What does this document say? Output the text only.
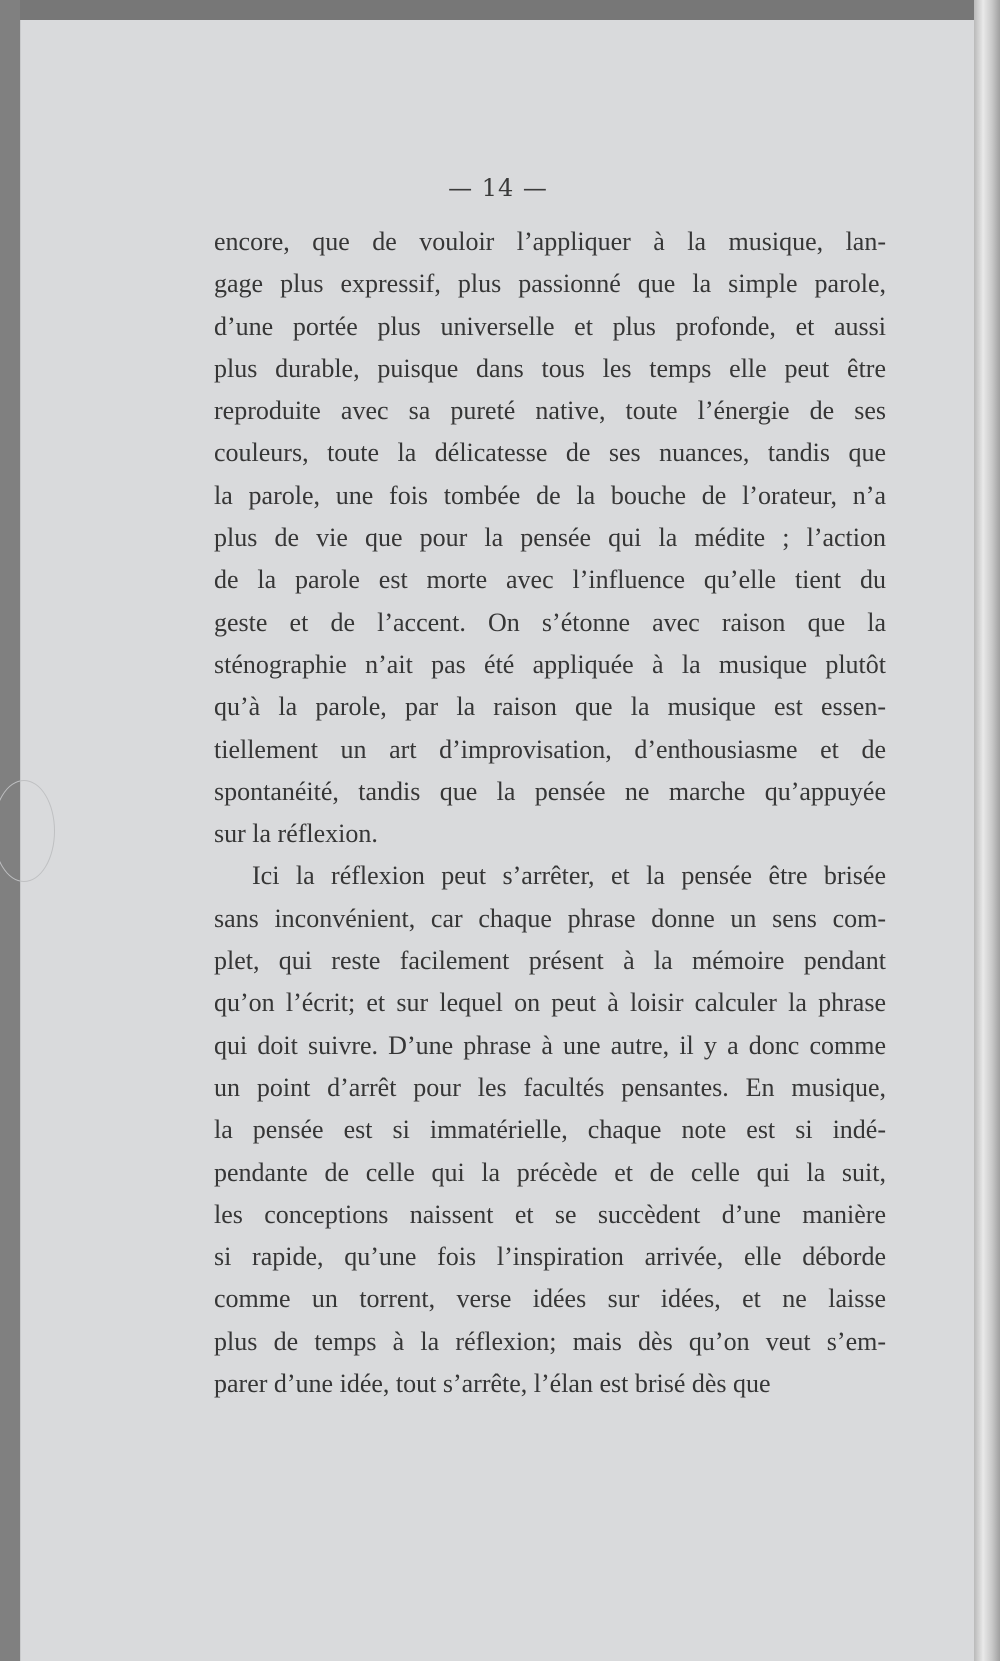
— 14 —
encore, que de vouloir l’appliquer à la musique, lan-
gage plus expressif, plus passionné que la simple parole,
d’une portée plus universelle et plus profonde, et aussi
plus durable, puisque dans tous les temps elle peut être
reproduite avec sa pureté native, toute l’énergie de ses
couleurs, toute la délicatesse de ses nuances, tandis que
la parole, une fois tombée de la bouche de l’orateur, n’a
plus de vie que pour la pensée qui la médite ; l’action
de la parole est morte avec l’influence qu’elle tient du
geste et de l’accent. On s’étonne avec raison que la
sténographie n’ait pas été appliquée à la musique plutôt
qu’à la parole, par la raison que la musique est essen-
tiellement un art d’improvisation, d’enthousiasme et de
spontanéité, tandis que la pensée ne marche qu’appuyée
sur la réflexion.
Ici la réflexion peut s’arrêter, et la pensée être brisée
sans inconvénient, car chaque phrase donne un sens com-
plet, qui reste facilement présent à la mémoire pendant
qu’on l’écrit; et sur lequel on peut à loisir calculer la phrase
qui doit suivre. D’une phrase à une autre, il y a donc comme
un point d’arrêt pour les facultés pensantes. En musique,
la pensée est si immatérielle, chaque note est si indé-
pendante de celle qui la précède et de celle qui la suit,
les conceptions naissent et se succèdent d’une manière
si rapide, qu’une fois l’inspiration arrivée, elle déborde
comme un torrent, verse idées sur idées, et ne laisse
plus de temps à la réflexion; mais dès qu’on veut s’em-
parer d’une idée, tout s’arrête, l’élan est brisé dès que
